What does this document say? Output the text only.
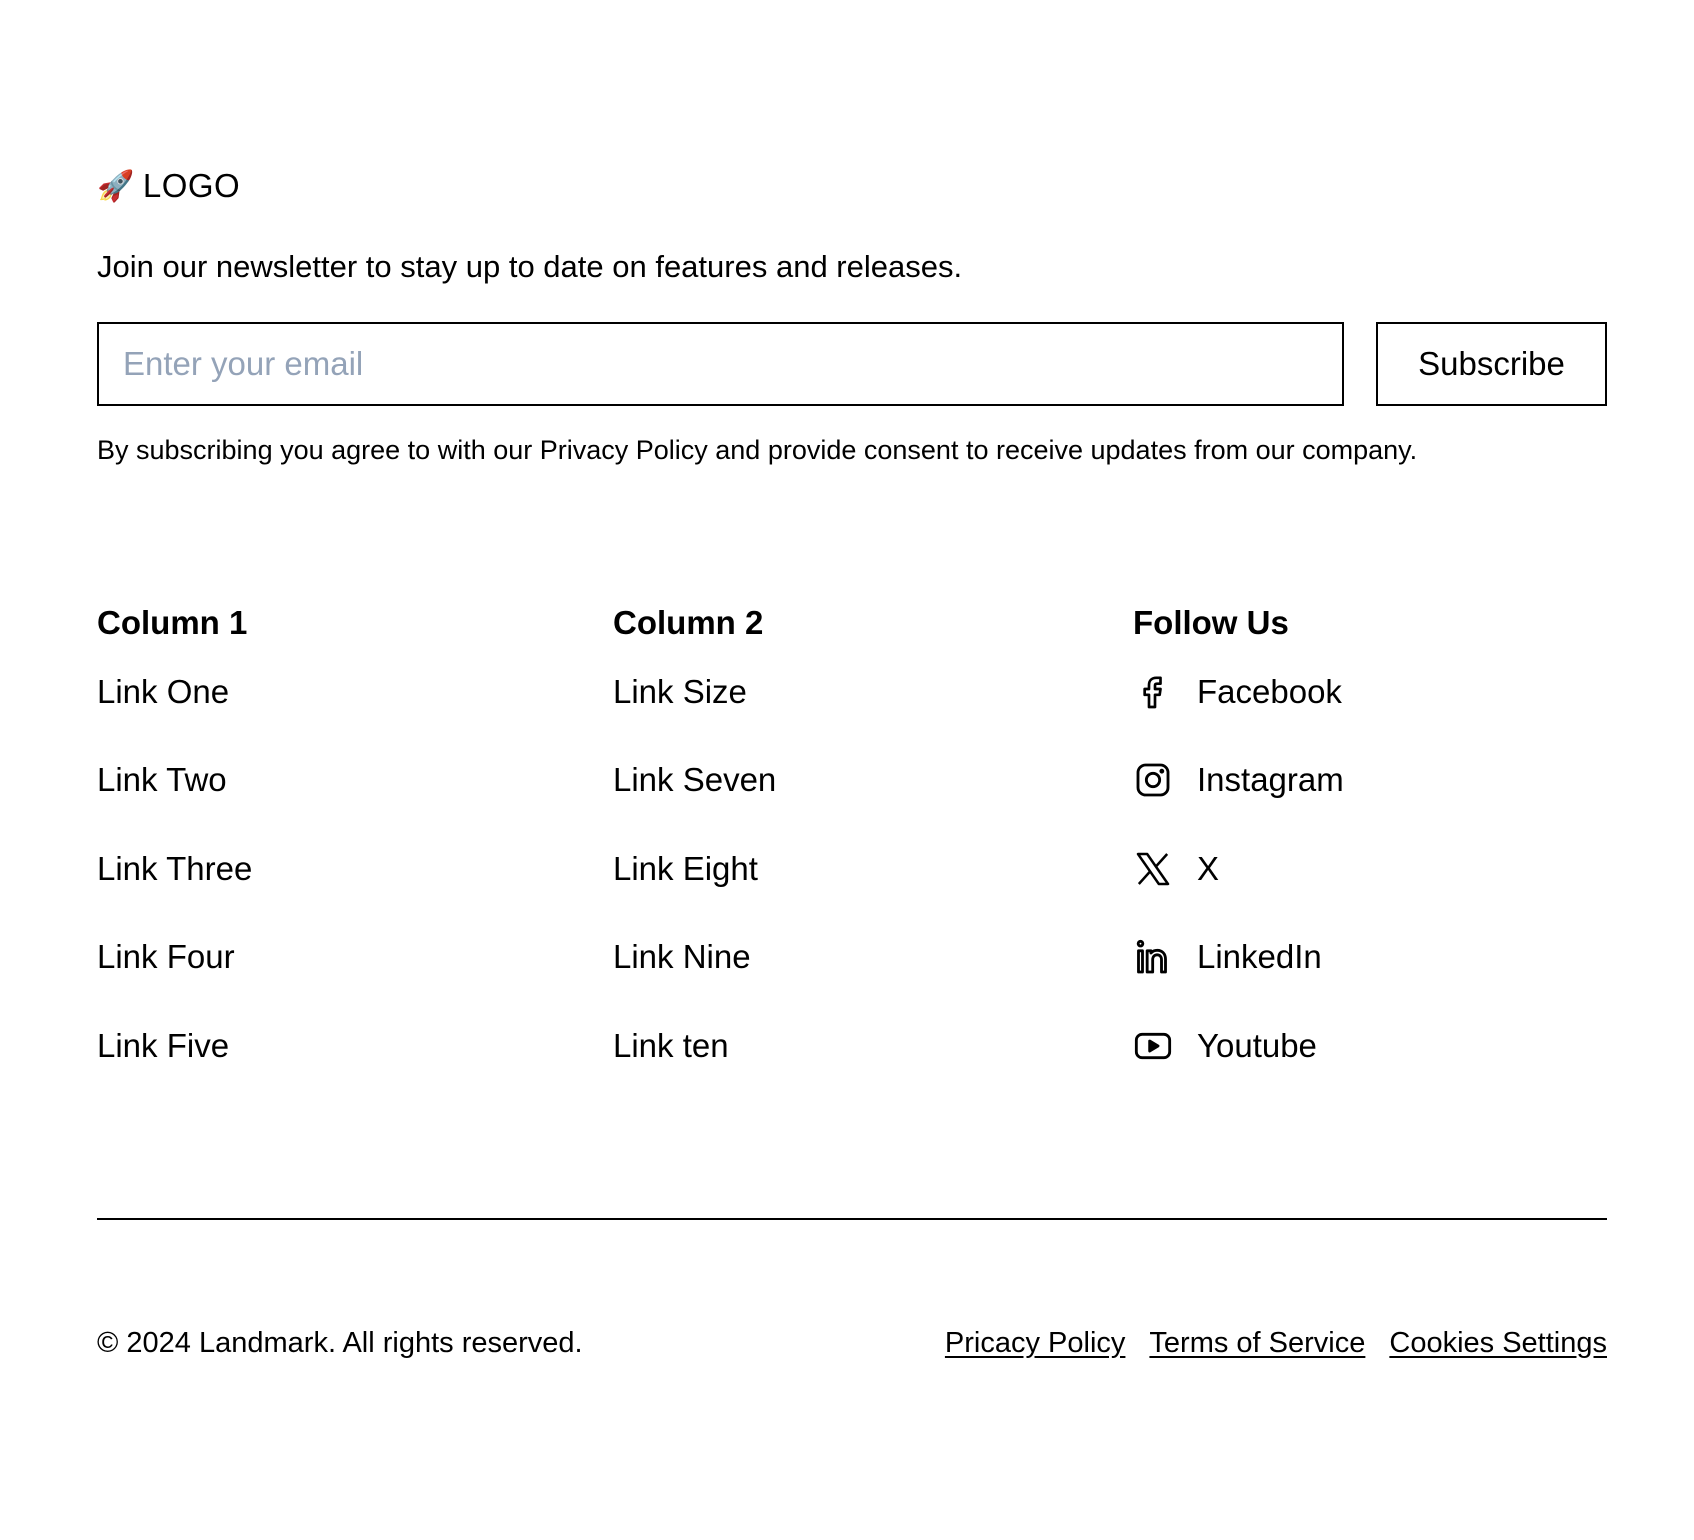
🚀 LOGO

Join our newsletter to stay up to date on features and releases.

Enter your email
Subscribe

By subscribing you agree to with our Privacy Policy and provide consent to receive updates from our company.

Column 1
Link One
Link Two
Link Three
Link Four
Link Five
Column 2
Link Size
Link Seven
Link Eight
Link Nine
Link ten
Follow Us
Facebook
Instagram
X
LinkedIn
Youtube
© 2024 Landmark. All rights reserved.	Pricacy Policy Terms of Service Cookies Settings
